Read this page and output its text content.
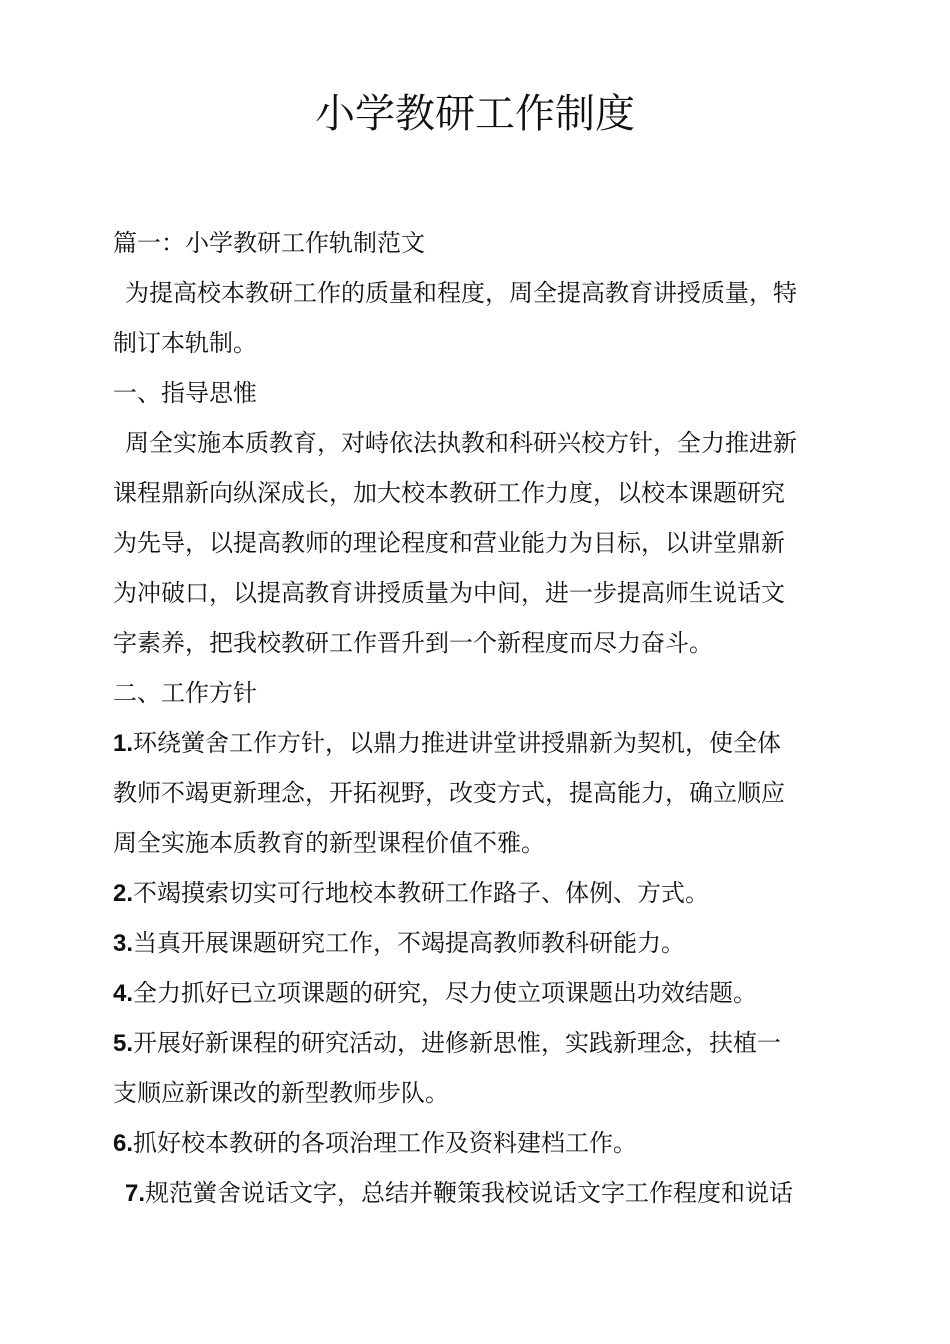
小学教研工作制度
篇一：小学教研工作轨制范文
为提高校本教研工作的质量和程度，周全提高教育讲授质量，特
制订本轨制。
一、指导思惟
周全实施本质教育，对峙依法执教和科研兴校方针，全力推进新
课程鼎新向纵深成长，加大校本教研工作力度，以校本课题研究
为先导，以提高教师的理论程度和营业能力为目标，以讲堂鼎新
为冲破口，以提高教育讲授质量为中间，进一步提高师生说话文
字素养，把我校教研工作晋升到一个新程度而尽力奋斗。
二、工作方针
1.环绕黉舍工作方针，以鼎力推进讲堂讲授鼎新为契机，使全体
教师不竭更新理念，开拓视野，改变方式，提高能力，确立顺应
周全实施本质教育的新型课程价值不雅。
2.不竭摸索切实可行地校本教研工作路子、体例、方式。
3.当真开展课题研究工作，不竭提高教师教科研能力。
4.全力抓好已立项课题的研究，尽力使立项课题出功效结题。
5.开展好新课程的研究活动，进修新思惟，实践新理念，扶植一
支顺应新课改的新型教师步队。
6.抓好校本教研的各项治理工作及资料建档工作。
7.规范黉舍说话文字，总结并鞭策我校说话文字工作程度和说话
